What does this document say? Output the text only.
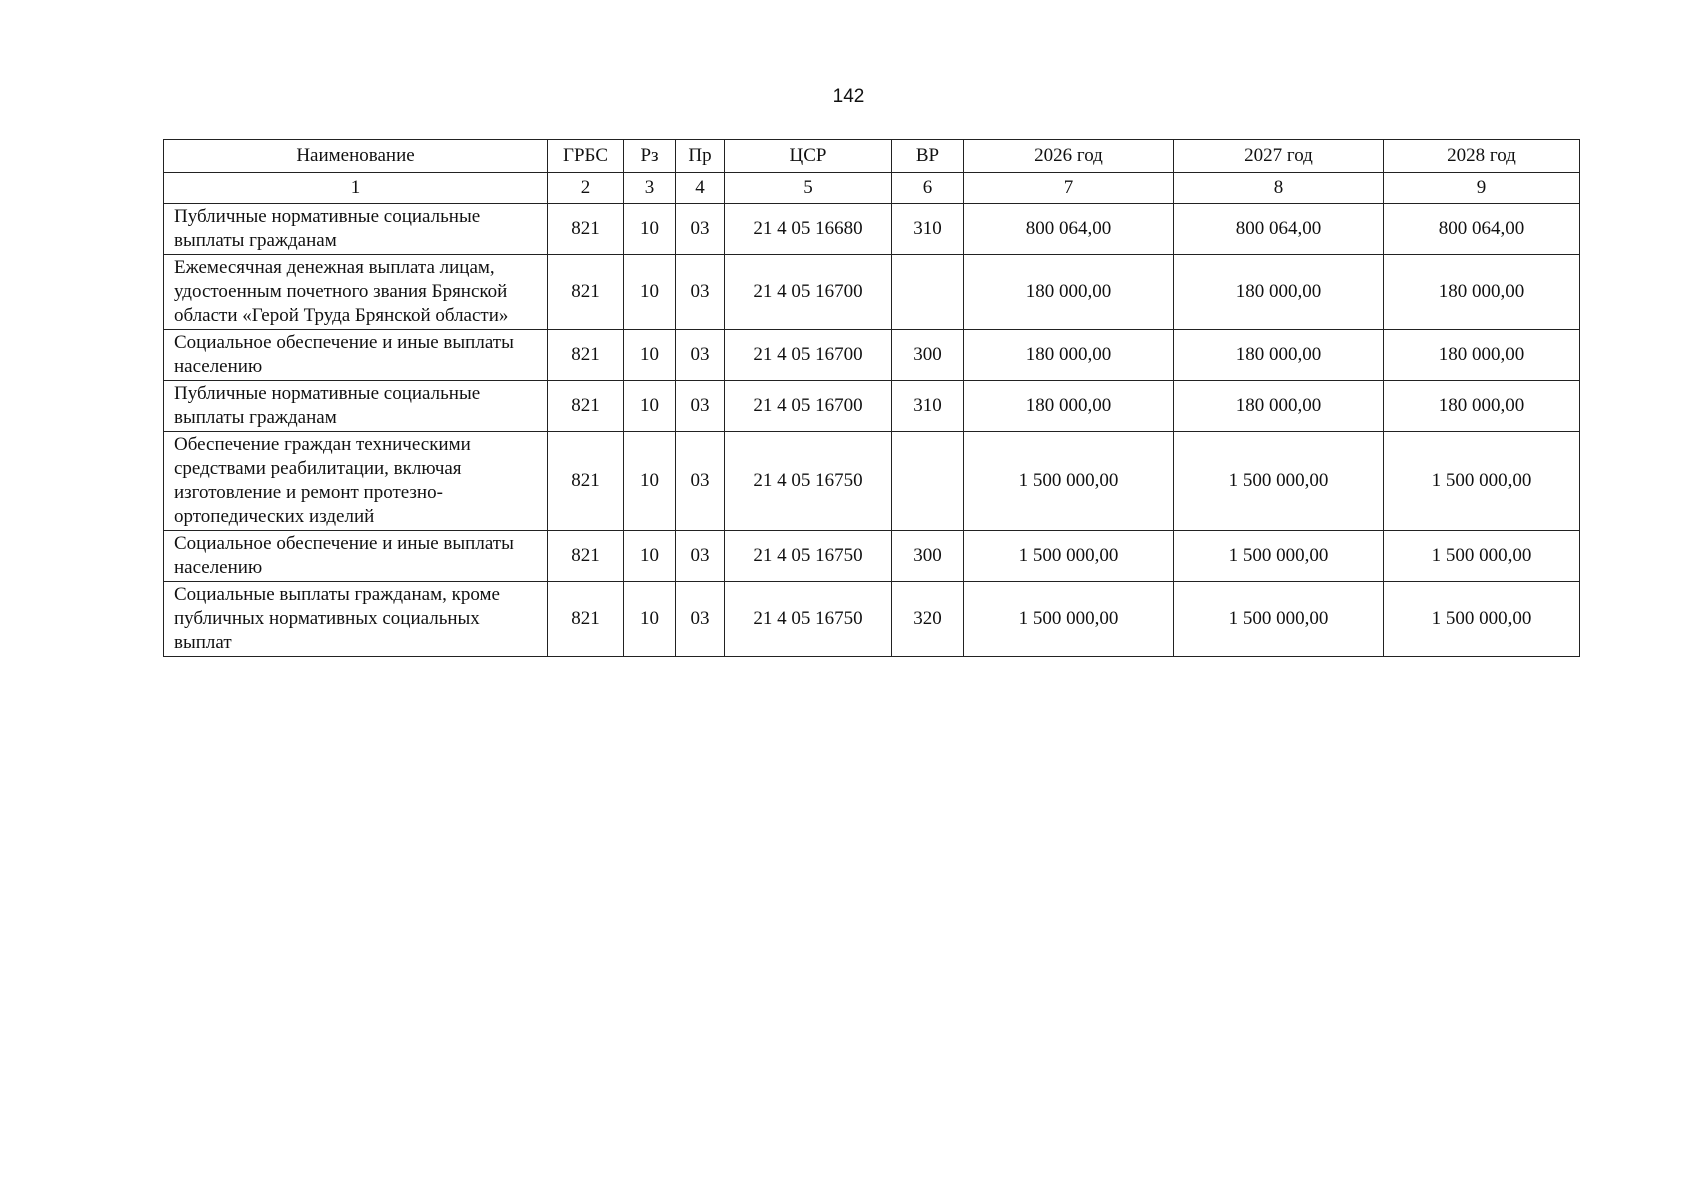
142
Наименование	ГРБС	Рз	Пр	ЦСР	ВР	2026 год	2027 год	2028 год
1	2	3	4	5	6	7	8	9
Публичные нормативные социальные выплаты гражданам	821	10	03	21 4 05 16680	310	800 064,00	800 064,00	800 064,00
Ежемесячная денежная выплата лицам, удостоенным почетного звания Брянской области «Герой Труда Брянской области»	821	10	03	21 4 05 16700		180 000,00	180 000,00	180 000,00
Социальное обеспечение и иные выплаты населению	821	10	03	21 4 05 16700	300	180 000,00	180 000,00	180 000,00
Публичные нормативные социальные выплаты гражданам	821	10	03	21 4 05 16700	310	180 000,00	180 000,00	180 000,00
Обеспечение граждан техническими средствами реабилитации, включая изготовление и ремонт протезно-ортопедических изделий	821	10	03	21 4 05 16750		1 500 000,00	1 500 000,00	1 500 000,00
Социальное обеспечение и иные выплаты населению	821	10	03	21 4 05 16750	300	1 500 000,00	1 500 000,00	1 500 000,00
Социальные выплаты гражданам, кроме публичных нормативных социальных выплат	821	10	03	21 4 05 16750	320	1 500 000,00	1 500 000,00	1 500 000,00
